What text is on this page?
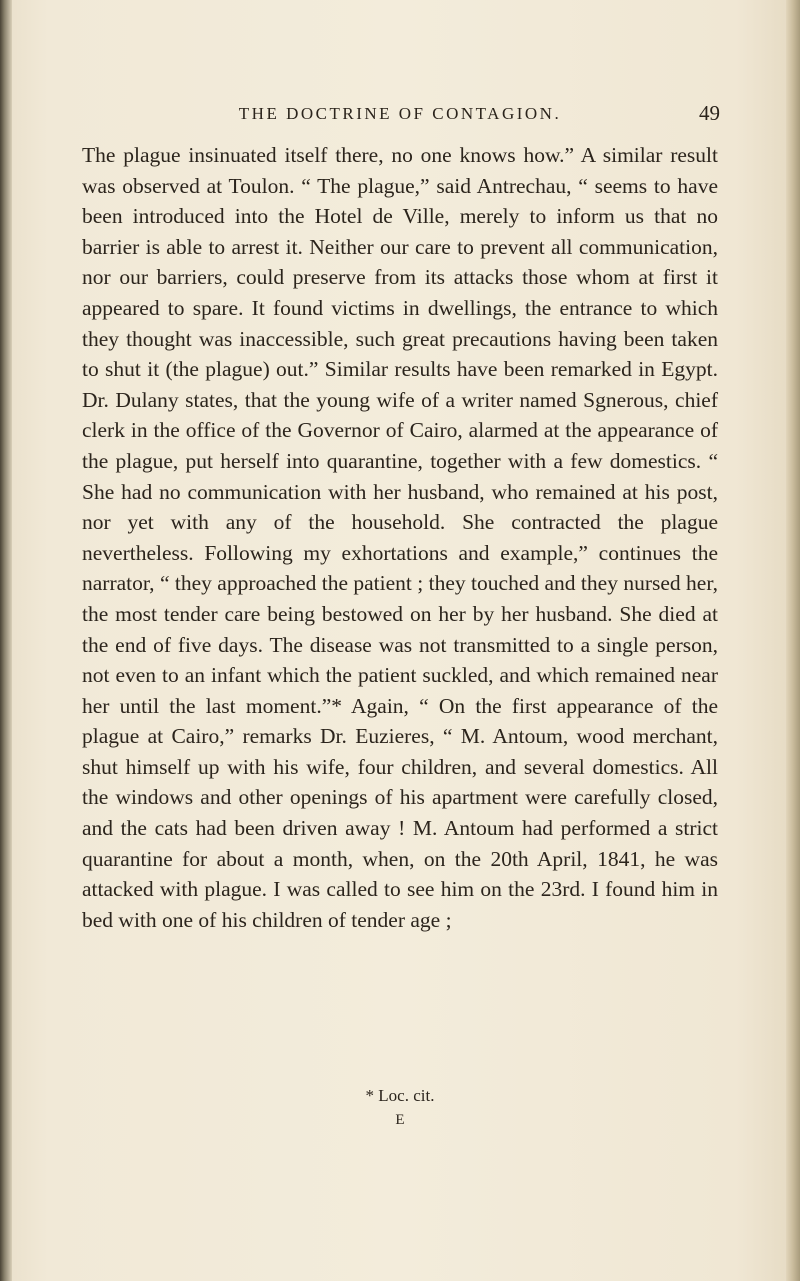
THE DOCTRINE OF CONTAGION.	49

The plague insinuated itself there, no one knows how.” A similar result was observed at Toulon. “ The plague,” said Antrechau, “ seems to have been introduced into the Hotel de Ville, merely to inform us that no barrier is able to arrest it. Neither our care to prevent all communication, nor our barriers, could preserve from its attacks those whom at first it appeared to spare. It found victims in dwellings, the entrance to which they thought was inaccessible, such great precautions having been taken to shut it (the plague) out.” Similar results have been remarked in Egypt. Dr. Dulany states, that the young wife of a writer named Sgnerous, chief clerk in the office of the Governor of Cairo, alarmed at the appearance of the plague, put herself into quarantine, together with a few domestics. “ She had no communication with her husband, who remained at his post, nor yet with any of the household. She contracted the plague nevertheless. Following my exhortations and example,” continues the narrator, “ they approached the patient ; they touched and they nursed her, the most tender care being bestowed on her by her husband. She died at the end of five days. The disease was not transmitted to a single person, not even to an infant which the patient suckled, and which remained near her until the last moment.”* Again, “ On the first appearance of the plague at Cairo,” remarks Dr. Euzieres, “ M. Antoum, wood merchant, shut himself up with his wife, four children, and several domestics. All the windows and other openings of his apartment were carefully closed, and the cats had been driven away ! M. Antoum had performed a strict quarantine for about a month, when, on the 20th April, 1841, he was attacked with plague. I was called to see him on the 23rd. I found him in bed with one of his children of tender age ;

* Loc. cit.
E
